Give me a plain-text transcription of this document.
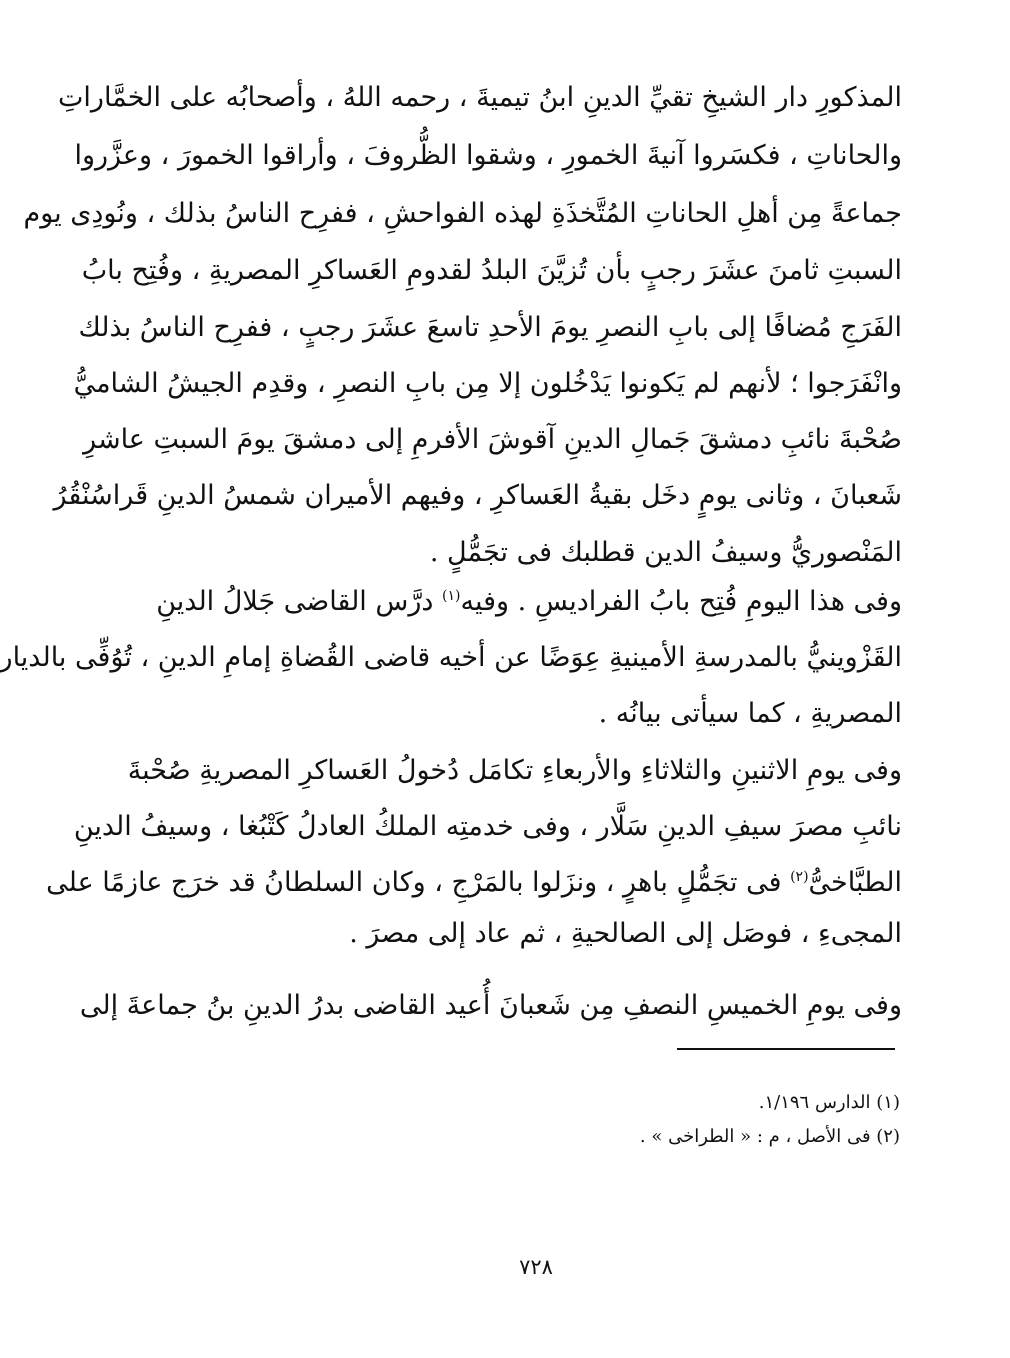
المذكورِ دار الشيخِ تقيِّ الدينِ ابنُ تيميةَ ، رحمه اللهُ ، وأصحابُه على الخمَّاراتِ
والحاناتِ ، فكسَروا آنيةَ الخمورِ ، وشقوا الظُّروفَ ، وأراقوا الخمورَ ، وعزَّروا
جماعةً مِن أهلِ الحاناتِ المُتَّخذَةِ لهذه الفواحشِ ، ففرِح الناسُ بذلك ، ونُودِى يوم
السبتِ ثامنَ عشَرَ رجبٍ بأن تُزيَّنَ البلدُ لقدومِ العَساكرِ المصريةِ ، وفُتِح بابُ
الفَرَجِ مُضافًا إلى بابِ النصرِ يومَ الأحدِ تاسعَ عشَرَ رجبٍ ، ففرِح الناسُ بذلك
وانْفَرَجوا ؛ لأنهم لم يَكونوا يَدْخُلون إلا مِن بابِ النصرِ ، وقدِم الجيشُ الشاميُّ
صُحْبةَ نائبِ دمشقَ جَمالِ الدينِ آقوشَ الأفرمِ إلى دمشقَ يومَ السبتِ عاشرِ
شَعبانَ ، وثانى يومٍ دخَل بقيةُ العَساكرِ ، وفيهم الأميران شمسُ الدينِ قَراسُنْقُرُ
المَنْصوريُّ وسيفُ الدين قطلبك فى تجَمُّلٍ .
وفى هذا اليومِ فُتِح بابُ الفراديسِ . وفيه$^{(١)}$ درَّس القاضى جَلالُ الدينِ
القَزْوينيُّ بالمدرسةِ الأمينيةِ عِوَضًا عن أخيه قاضى القُضاةِ إمامِ الدينِ ، تُوُفِّى بالديار
المصريةِ ، كما سيأتى بيانُه .
وفى يومِ الاثنينِ والثلاثاءِ والأربعاءِ تكامَل دُخولُ العَساكرِ المصريةِ صُحْبةَ
نائبِ مصرَ سيفِ الدينِ سَلَّار ، وفى خدمتِه الملكُ العادلُ كَتْبُغا ، وسيفُ الدينِ
الطبَّاخىُّ$^{(٢)}$ فى تجَمُّلٍ باهرٍ ، ونزَلوا بالمَرْجِ ، وكان السلطانُ قد خرَج عازمًا على
المجىءِ ، فوصَل إلى الصالحيةِ ، ثم عاد إلى مصرَ .
وفى يومِ الخميسِ النصفِ مِن شَعبانَ أُعيد القاضى بدرُ الدينِ بنُ جماعةَ إلى
(١) الدارس ١/١٩٦.
(٢) فى الأصل ، م : « الطراخى » .
٧٢٨
